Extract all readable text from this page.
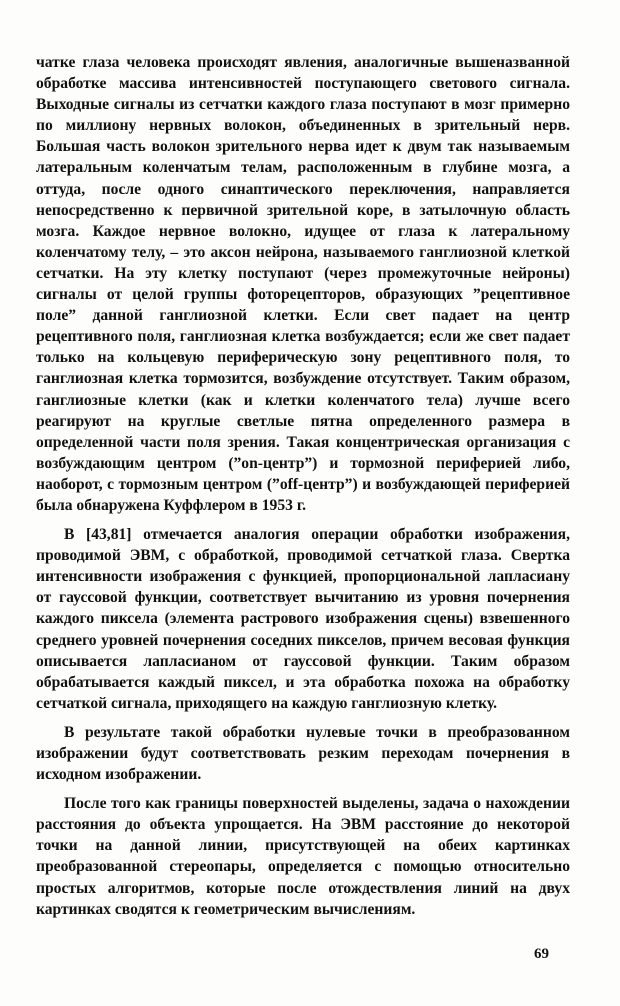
чатке глаза человека происходят явления, аналогичные вышеназванной обработке массива интенсивностей поступающего светового сигнала. Выходные сигналы из сетчатки каждого глаза поступают в мозг примерно по миллиону нервных волокон, объединенных в зрительный нерв. Большая часть волокон зрительного нерва идет к двум так называемым латеральным коленчатым телам, расположенным в глубине мозга, а оттуда, после одного синаптического переключения, направляется непосредственно к первичной зрительной коре, в затылочную область мозга. Каждое нервное волокно, идущее от глаза к латеральному коленчатому телу, – это аксон нейрона, называемого ганглиозной клеткой сетчатки. На эту клетку поступают (через промежуточные нейроны) сигналы от целой группы фоторецепторов, образующих ”рецептивное поле” данной ганглиозной клетки. Если свет падает на центр рецептивного поля, ганглиозная клетка возбуждается; если же свет падает только на кольцевую периферическую зону рецептивного поля, то ганглиозная клетка тормозится, возбуждение отсутствует. Таким образом, ганглиозные клетки (как и клетки коленчатого тела) лучше всего реагируют на круглые светлые пятна определенного размера в определенной части поля зрения. Такая концентрическая организация с возбуждающим центром (”on-центр”) и тормозной периферией либо, наоборот, с тормозным центром (”off-центр”) и возбуждающей периферией была обнаружена Куффлером в 1953 г.

В [43,81] отмечается аналогия операции обработки изображения, проводимой ЭВМ, с обработкой, проводимой сетчаткой глаза. Свертка интенсивности изображения с функцией, пропорциональной лапласиану от гауссовой функции, соответствует вычитанию из уровня почернения каждого пиксела (элемента растрового изображения сцены) взвешенного среднего уровней почернения соседних пикселов, причем весовая функция описывается лапласианом от гауссовой функции. Таким образом обрабатывается каждый пиксел, и эта обработка похожа на обработку сетчаткой сигнала, приходящего на каждую ганглиозную клетку.

В результате такой обработки нулевые точки в преобразованном изображении будут соответствовать резким переходам почернения в исходном изображении.

После того как границы поверхностей выделены, задача о нахождении расстояния до объекта упрощается. На ЭВМ расстояние до некоторой точки на данной линии, присутствующей на обеих картинках преобразованной стереопары, определяется с помощью относительно простых алгоритмов, которые после отождествления линий на двух картинках сводятся к геометрическим вычислениям.

69
